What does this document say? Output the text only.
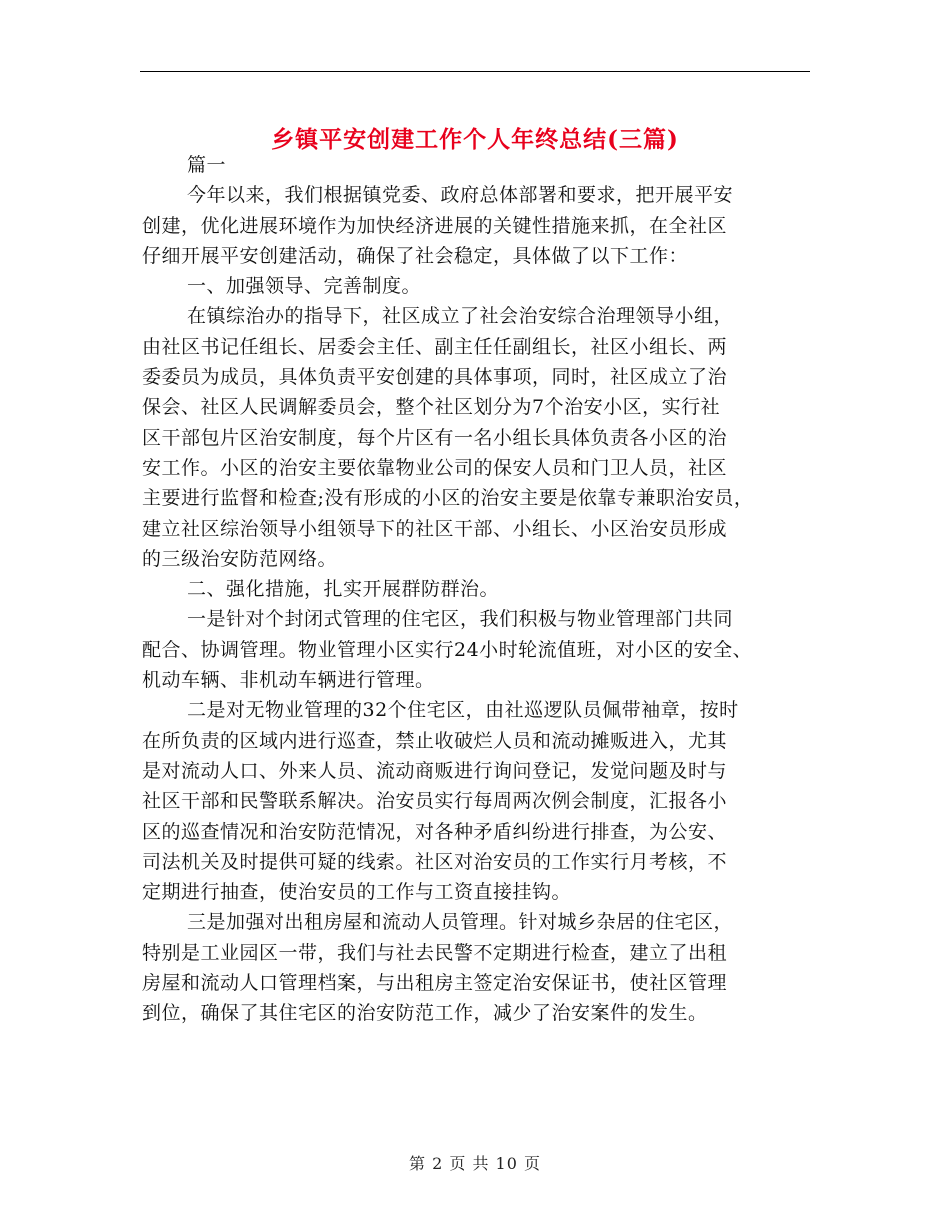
乡镇平安创建工作个人年终总结(三篇)
篇一
今年以来，我们根据镇党委、政府总体部署和要求，把开展平安
创建，优化进展环境作为加快经济进展的关键性措施来抓，在全社区
仔细开展平安创建活动，确保了社会稳定，具体做了以下工作：
一、加强领导、完善制度。
在镇综治办的指导下，社区成立了社会治安综合治理领导小组，
由社区书记任组长、居委会主任、副主任任副组长，社区小组长、两
委委员为成员，具体负责平安创建的具体事项，同时，社区成立了治
保会、社区人民调解委员会，整个社区划分为7个治安小区，实行社
区干部包片区治安制度，每个片区有一名小组长具体负责各小区的治
安工作。小区的治安主要依靠物业公司的保安人员和门卫人员，社区
主要进行监督和检查;没有形成的小区的治安主要是依靠专兼职治安员，
建立社区综治领导小组领导下的社区干部、小组长、小区治安员形成
的三级治安防范网络。
二、强化措施，扎实开展群防群治。
一是针对个封闭式管理的住宅区，我们积极与物业管理部门共同
配合、协调管理。物业管理小区实行24小时轮流值班，对小区的安全、
机动车辆、非机动车辆进行管理。
二是对无物业管理的32个住宅区，由社巡逻队员佩带袖章，按时
在所负责的区域内进行巡查，禁止收破烂人员和流动摊贩进入，尤其
是对流动人口、外来人员、流动商贩进行询问登记，发觉问题及时与
社区干部和民警联系解决。治安员实行每周两次例会制度，汇报各小
区的巡查情况和治安防范情况，对各种矛盾纠纷进行排查，为公安、
司法机关及时提供可疑的线索。社区对治安员的工作实行月考核，不
定期进行抽查，使治安员的工作与工资直接挂钩。
三是加强对出租房屋和流动人员管理。针对城乡杂居的住宅区，
特别是工业园区一带，我们与社去民警不定期进行检查，建立了出租
房屋和流动人口管理档案，与出租房主签定治安保证书，使社区管理
到位，确保了其住宅区的治安防范工作，减少了治安案件的发生。
第 2 页 共 10 页
